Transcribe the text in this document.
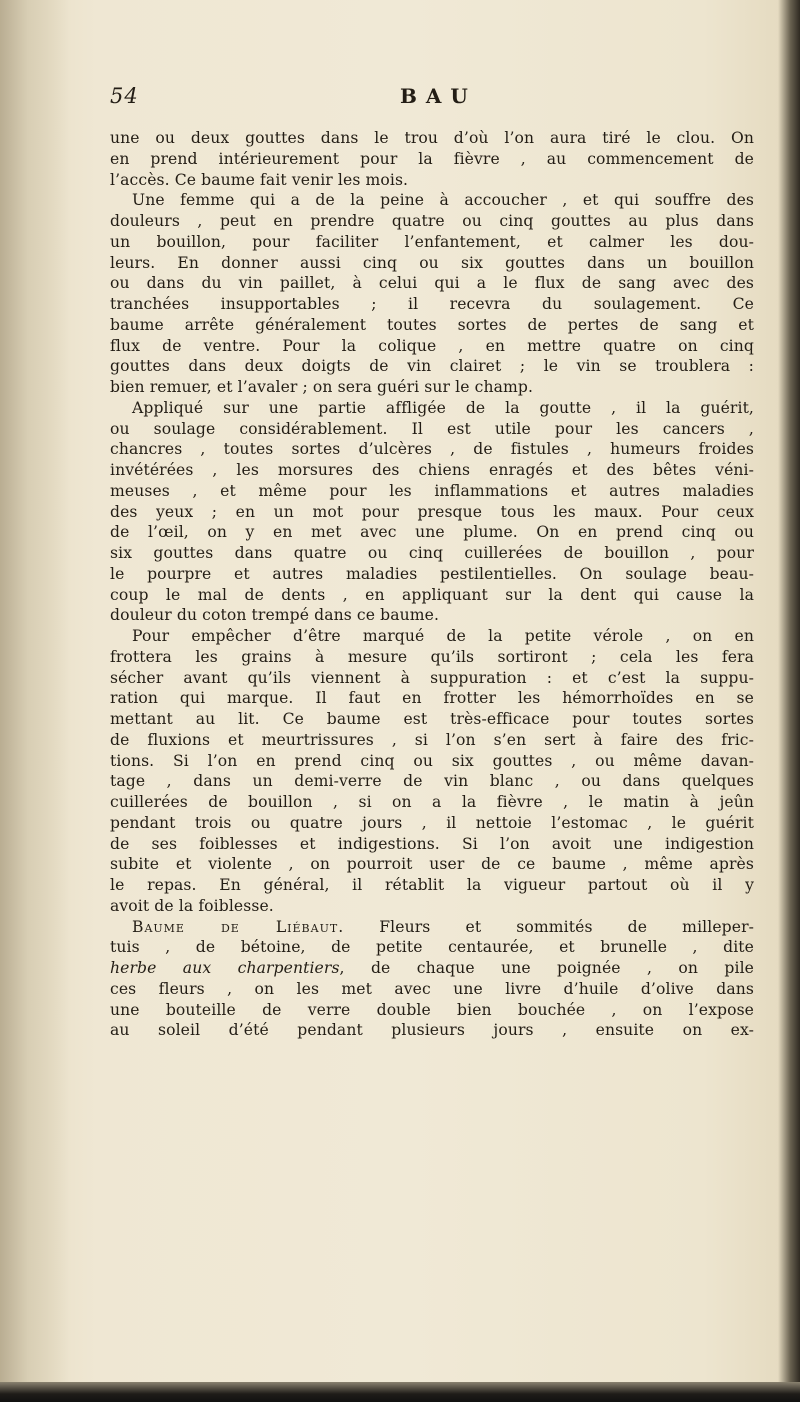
54	BAU
une ou deux gouttes dans le trou d’où l’on aura tiré le clou. On
en prend intérieurement pour la fièvre , au commencement de
l’accès. Ce baume fait venir les mois.
Une femme qui a de la peine à accoucher , et qui souffre des
douleurs , peut en prendre quatre ou cinq gouttes au plus dans
un bouillon, pour faciliter l’enfantement, et calmer les dou-
leurs. En donner aussi cinq ou six gouttes dans un bouillon
ou dans du vin paillet, à celui qui a le flux de sang avec des
tranchées insupportables ; il recevra du soulagement. Ce
baume arrête généralement toutes sortes de pertes de sang et
flux de ventre. Pour la colique , en mettre quatre on cinq
gouttes dans deux doigts de vin clairet ; le vin se troublera :
bien remuer, et l’avaler ; on sera guéri sur le champ.
Appliqué sur une partie affligée de la goutte , il la guérit,
ou soulage considérablement. Il est utile pour les cancers ,
chancres , toutes sortes d’ulcères , de fistules , humeurs froides
invétérées , les morsures des chiens enragés et des bêtes véni-
meuses , et même pour les inflammations et autres maladies
des yeux ; en un mot pour presque tous les maux. Pour ceux
de l’œil, on y en met avec une plume. On en prend cinq ou
six gouttes dans quatre ou cinq cuillerées de bouillon , pour
le pourpre et autres maladies pestilentielles. On soulage beau-
coup le mal de dents , en appliquant sur la dent qui cause la
douleur du coton trempé dans ce baume.
Pour empêcher d’être marqué de la petite vérole , on en
frottera les grains à mesure qu’ils sortiront ; cela les fera
sécher avant qu’ils viennent à suppuration : et c’est la suppu-
ration qui marque. Il faut en frotter les hémorrhoïdes en se
mettant au lit. Ce baume est très-efficace pour toutes sortes
de fluxions et meurtrissures , si l’on s’en sert à faire des fric-
tions. Si l’on en prend cinq ou six gouttes , ou même davan-
tage , dans un demi-verre de vin blanc , ou dans quelques
cuillerées de bouillon , si on a la fièvre , le matin à jeûn
pendant trois ou quatre jours , il nettoie l’estomac , le guérit
de ses foiblesses et indigestions. Si l’on avoit une indigestion
subite et violente , on pourroit user de ce baume , même après
le repas. En général, il rétablit la vigueur partout où il y
avoit de la foiblesse.
Baume de Liébaut. Fleurs et sommités de milleper-
tuis , de bétoine, de petite centaurée, et brunelle , dite
herbe aux charpentiers, de chaque une poignée , on pile
ces fleurs , on les met avec une livre d’huile d’olive dans
une bouteille de verre double bien bouchée , on l’expose
au soleil d’été pendant plusieurs jours , ensuite on ex-
